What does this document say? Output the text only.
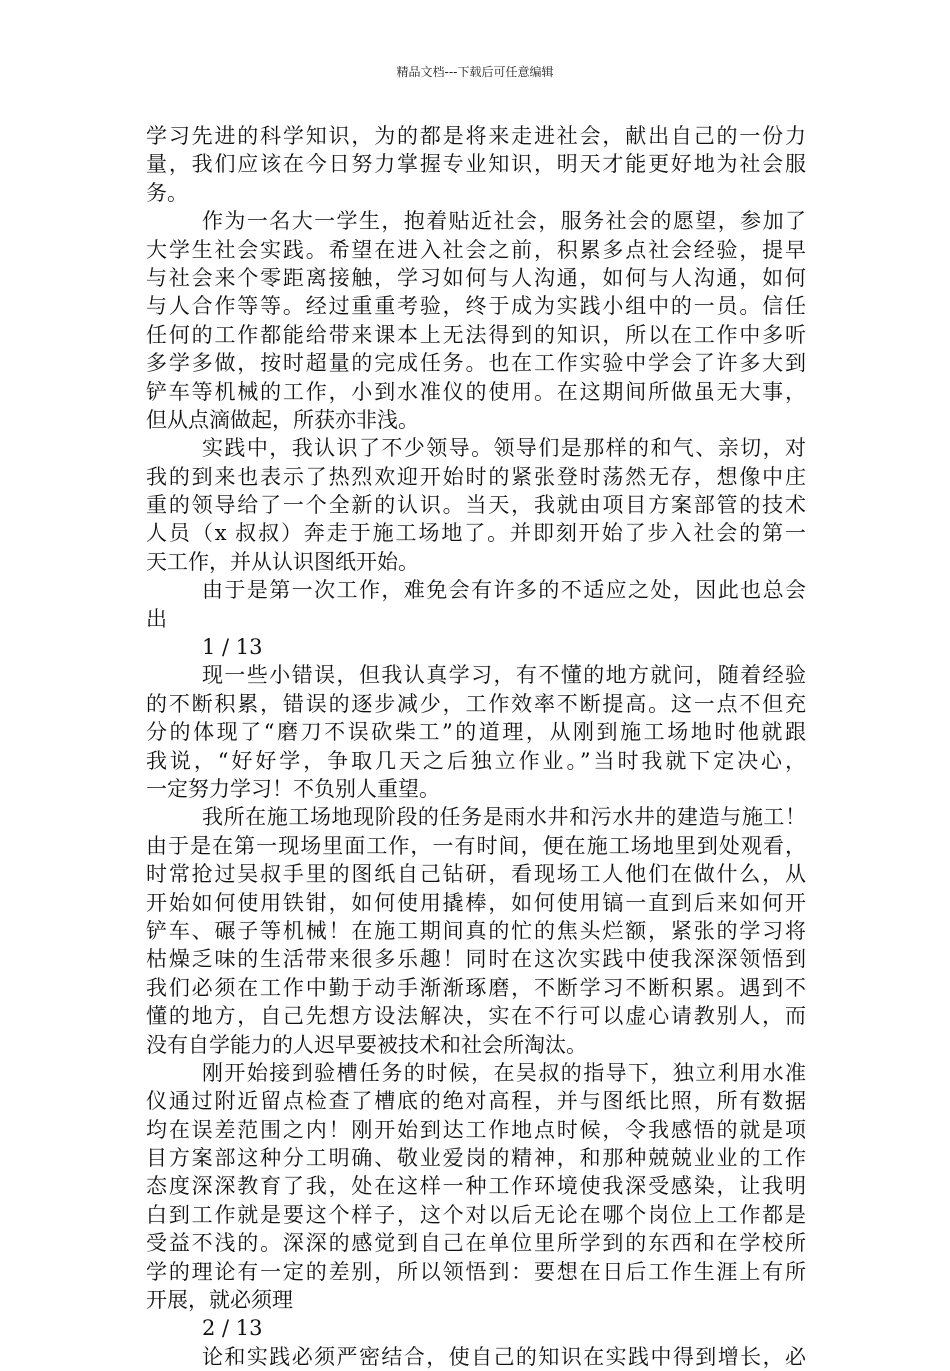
精品文档---下载后可任意编辑
学习先进的科学知识，为的都是将来走进社会，献出自己的一份力
量，我们应该在今日努力掌握专业知识，明天才能更好地为社会服
务。
作为一名大一学生，抱着贴近社会，服务社会的愿望，参加了
大学生社会实践。希望在进入社会之前，积累多点社会经验，提早
与社会来个零距离接触，学习如何与人沟通，如何与人沟通，如何
与人合作等等。经过重重考验，终于成为实践小组中的一员。信任
任何的工作都能给带来课本上无法得到的知识，所以在工作中多听
多学多做，按时超量的完成任务。也在工作实验中学会了许多大到
铲车等机械的工作，小到水准仪的使用。在这期间所做虽无大事，
但从点滴做起，所获亦非浅。
实践中，我认识了不少领导。领导们是那样的和气、亲切，对
我的到来也表示了热烈欢迎开始时的紧张登时荡然无存，想像中庄
重的领导给了一个全新的认识。当天，我就由项目方案部管的技术
人员（x 叔叔）奔走于施工场地了。并即刻开始了步入社会的第一
天工作，并从认识图纸开始。
由于是第一次工作，难免会有许多的不适应之处，因此也总会
出
1 / 13
现一些小错误，但我认真学习，有不懂的地方就问，随着经验
的不断积累，错误的逐步减少，工作效率不断提高。这一点不但充
分的体现了“磨刀不误砍柴工”的道理，从刚到施工场地时他就跟
我说，“好好学，争取几天之后独立作业。”当时我就下定决心，
一定努力学习！不负别人重望。
我所在施工场地现阶段的任务是雨水井和污水井的建造与施工！
由于是在第一现场里面工作，一有时间，便在施工场地里到处观看，
时常抢过吴叔手里的图纸自己钻研，看现场工人他们在做什么，从
开始如何使用铁钳，如何使用撬棒，如何使用镐一直到后来如何开
铲车、碾子等机械！在施工期间真的忙的焦头烂额，紧张的学习将
枯燥乏味的生活带来很多乐趣！同时在这次实践中使我深深领悟到
我们必须在工作中勤于动手渐渐琢磨，不断学习不断积累。遇到不
懂的地方，自己先想方设法解决，实在不行可以虚心请教别人，而
没有自学能力的人迟早要被技术和社会所淘汰。
刚开始接到验槽任务的时候，在吴叔的指导下，独立利用水准
仪通过附近留点检查了槽底的绝对高程，并与图纸比照，所有数据
均在误差范围之内！刚开始到达工作地点时候，令我感悟的就是项
目方案部这种分工明确、敬业爱岗的精神，和那种兢兢业业的工作
态度深深教育了我，处在这样一种工作环境使我深受感染，让我明
白到工作就是要这个样子，这个对以后无论在哪个岗位上工作都是
受益不浅的。深深的感觉到自己在单位里所学到的东西和在学校所
学的理论有一定的差别，所以领悟到：要想在日后工作生涯上有所
开展，就必须理
2 / 13
论和实践必须严密结合，使自己的知识在实践中得到增长，必
